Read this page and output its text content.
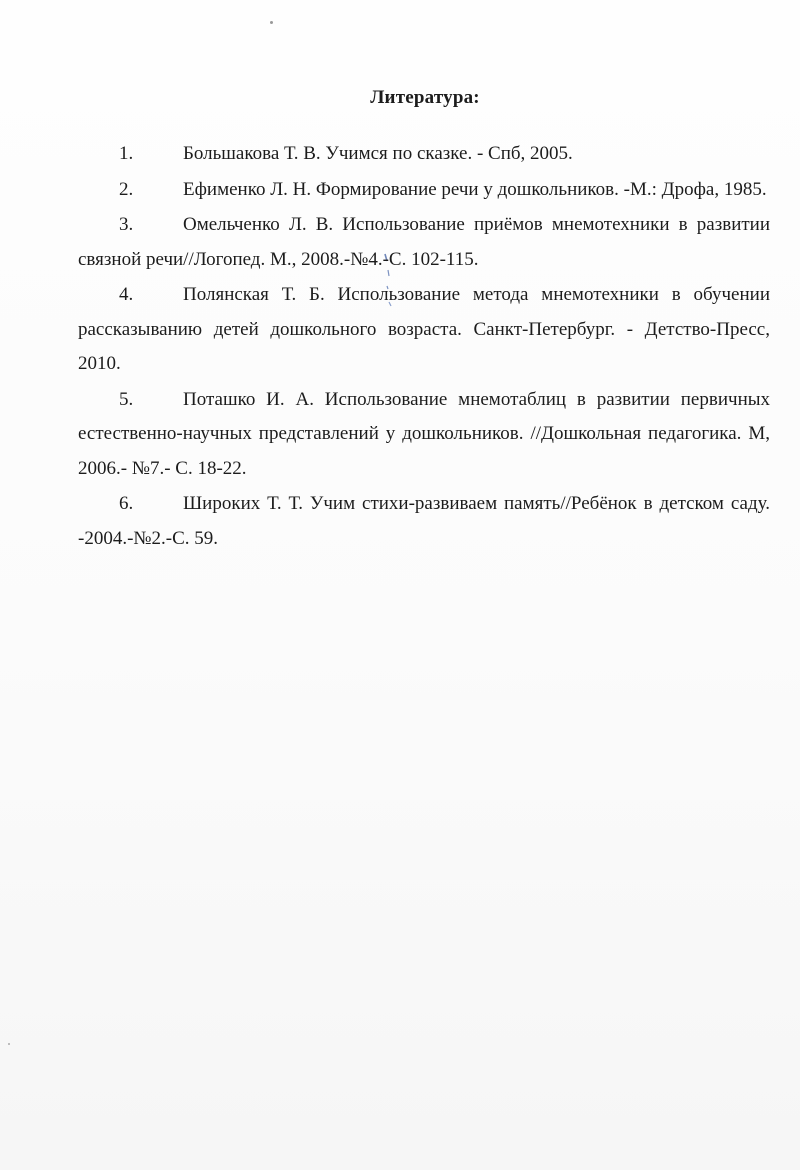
Литература:
1.	Большакова Т. В. Учимся по сказке. - Спб, 2005.
2.	Ефименко Л. Н. Формирование речи у дошкольников. -М.: Дрофа, 1985.
3.	Омельченко Л. В. Использование приёмов мнемотехники в развитии связной речи//Логопед. М., 2008.-№4.-С. 102-115.
4.	Полянская Т. Б. Использование метода мнемотехники в обучении рассказыванию детей дошкольного возраста. Санкт-Петербург. - Детство-Пресс, 2010.
5.	Поташко И. А. Использование мнемотаблиц в развитии первичных естественно-научных представлений у дошкольников. //Дошкольная педагогика. М, 2006.- №7.- С. 18-22.
6.	Широких Т. Т. Учим стихи-развиваем память//Ребёнок в детском саду. -2004.-№2.-С. 59.
